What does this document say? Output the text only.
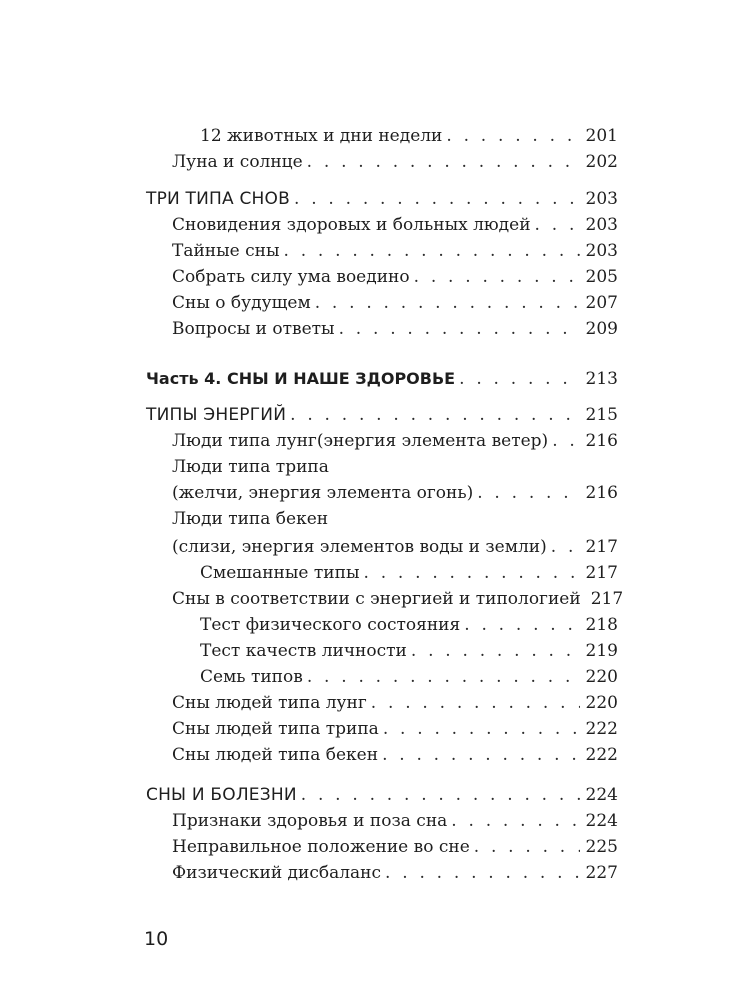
12 животных и дни недели . . .	201
Луна и солнце . . .	202
ТРИ ТИПА СНОВ . . .	203
Сновидения здоровых и больных людей . . .	203
Тайные сны . . .	203
Собрать силу ума воедино . . .	205
Сны о будущем . . .	207
Вопросы и ответы . . .	209
Часть 4. СНЫ И НАШЕ ЗДОРОВЬЕ . . .	213
ТИПЫ ЭНЕРГИЙ . . .	215
Люди типа лунг(энергия элемента ветер) . . . 216
Люди типа трипа
(желчи, энергия элемента огонь) . . .	216
Люди типа бекен
(слизи, энергия элементов воды и земли) . . . 217
Смешанные типы . . .	217
Сны в соответствии с энергией и типологией 217
Тест физического состояния . . .	218
Тест качеств личности . . .	219
Семь типов . . .	220
Сны людей типа лунг . . .	220
Сны людей типа трипа . . .	222
Сны людей типа бекен . . .	222
СНЫ И БОЛЕЗНИ . . .	224
Признаки здоровья и поза сна . . .	224
Неправильное положение во сне . . .	225
Физический дисбаланс . . .	227
10
